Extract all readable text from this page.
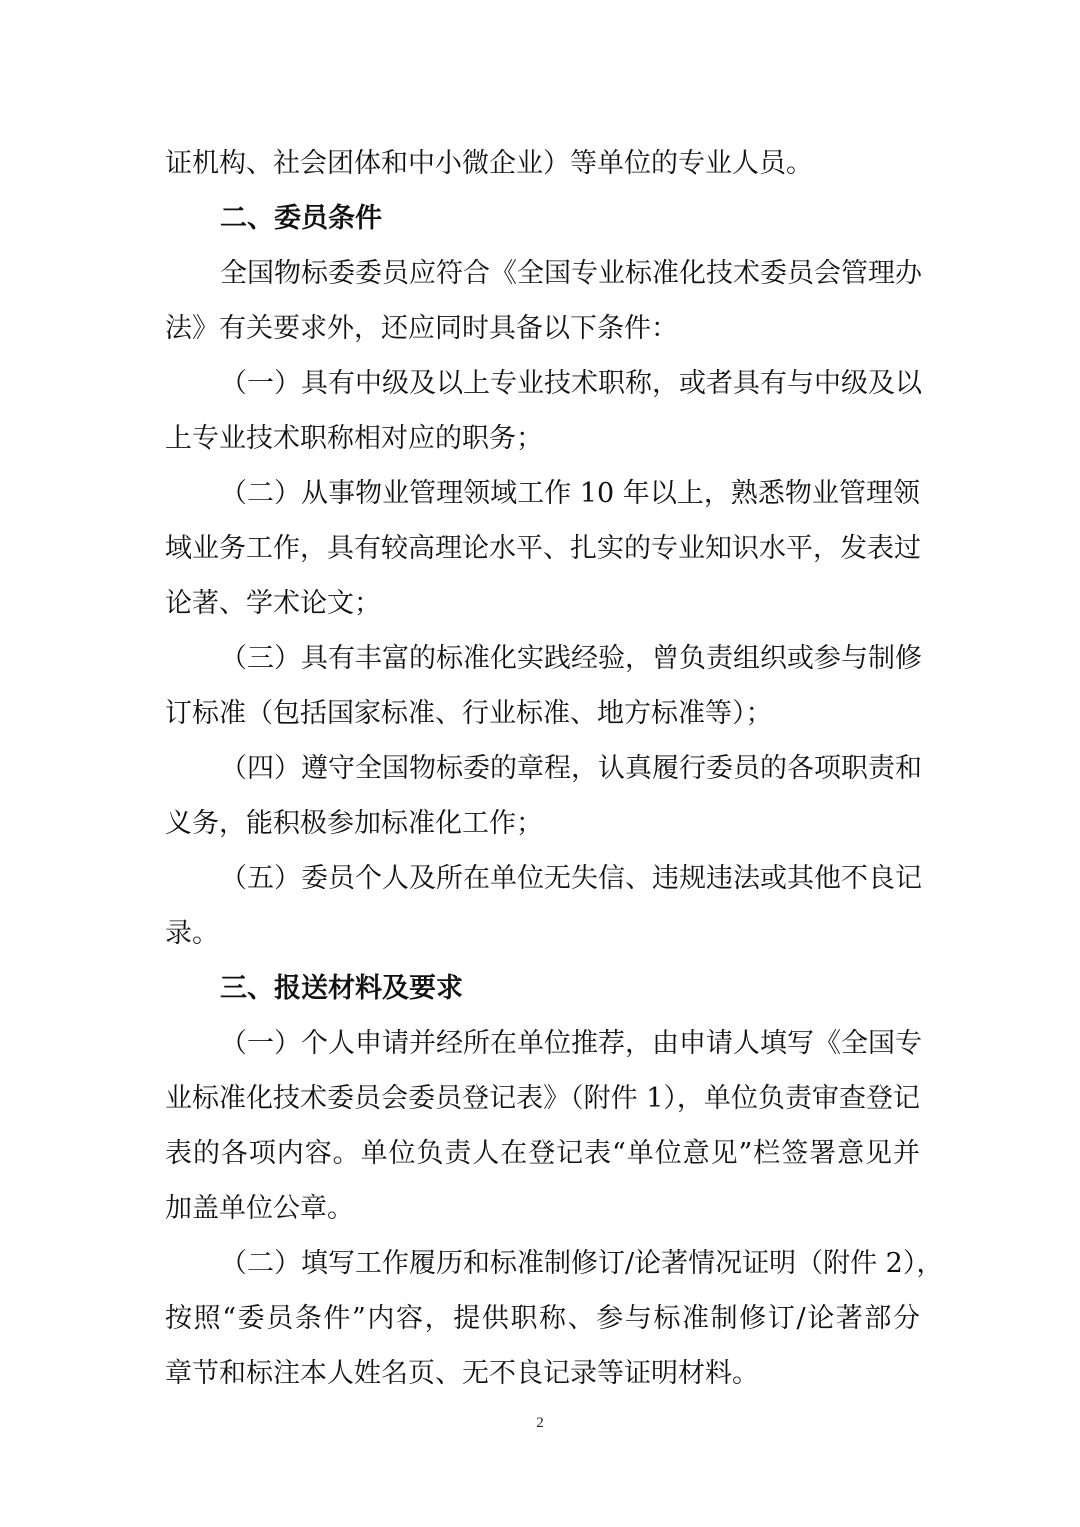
证机构、社会团体和中小微企业）等单位的专业人员。
二、委员条件
全国物标委委员应符合《全国专业标准化技术委员会管理办
法》有关要求外，还应同时具备以下条件：
（一）具有中级及以上专业技术职称，或者具有与中级及以
上专业技术职称相对应的职务；
（二）从事物业管理领域工作 10 年以上，熟悉物业管理领
域业务工作，具有较高理论水平、扎实的专业知识水平，发表过
论著、学术论文；
（三）具有丰富的标准化实践经验，曾负责组织或参与制修
订标准（包括国家标准、行业标准、地方标准等）；
（四）遵守全国物标委的章程，认真履行委员的各项职责和
义务，能积极参加标准化工作；
（五）委员个人及所在单位无失信、违规违法或其他不良记
录。
三、报送材料及要求
（一）个人申请并经所在单位推荐，由申请人填写《全国专
业标准化技术委员会委员登记表》（附件 1），单位负责审查登记
表的各项内容。单位负责人在登记表“单位意见”栏签署意见并
加盖单位公章。
（二）填写工作履历和标准制修订/论著情况证明（附件 2），
按照“委员条件”内容，提供职称、参与标准制修订/论著部分
章节和标注本人姓名页、无不良记录等证明材料。
2
